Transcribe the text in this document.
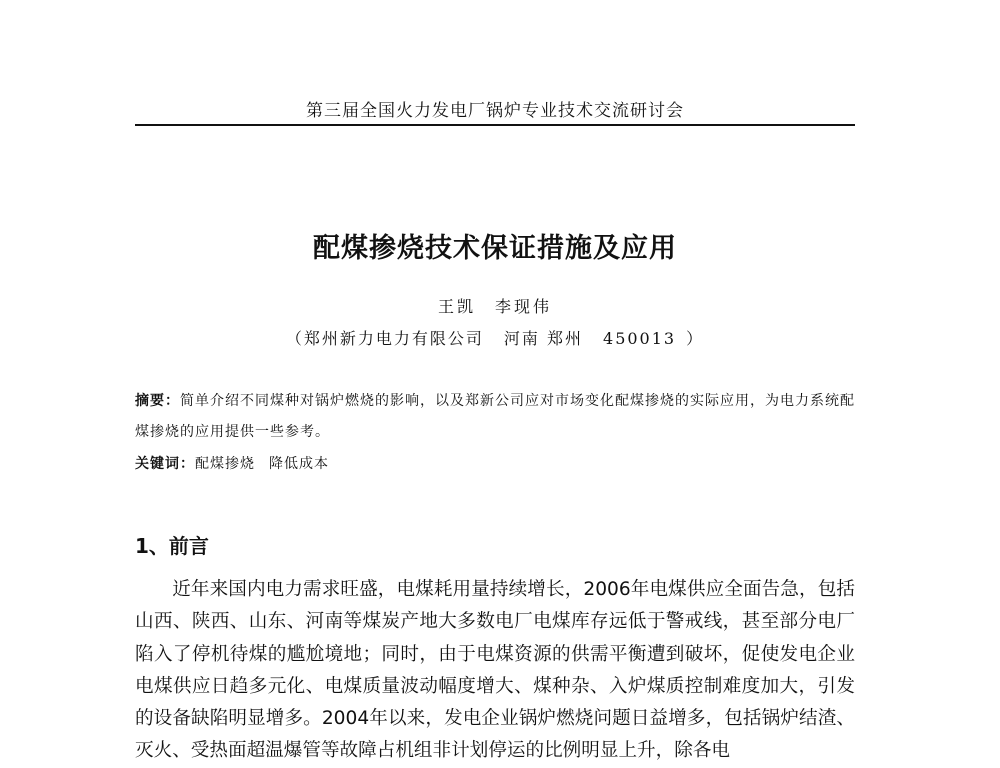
第三届全国火力发电厂锅炉专业技术交流研讨会
配煤掺烧技术保证措施及应用
王凯　李现伟
（郑州新力电力有限公司 河南 郑州 450013 ）
摘要：简单介绍不同煤种对锅炉燃烧的影响，以及郑新公司应对市场变化配煤掺烧的实际应用，为电力系统配煤掺烧的应用提供一些参考。
关键词：配煤掺烧 降低成本
1、前言
近年来国内电力需求旺盛，电煤耗用量持续增长，2006年电煤供应全面告急，包括山西、陕西、山东、河南等煤炭产地大多数电厂电煤库存远低于警戒线，甚至部分电厂陷入了停机待煤的尴尬境地；同时，由于电煤资源的供需平衡遭到破坏，促使发电企业电煤供应日趋多元化、电煤质量波动幅度增大、煤种杂、入炉煤质控制难度加大，引发的设备缺陷明显增多。2004年以来，发电企业锅炉燃烧问题日益增多，包括锅炉结渣、灭火、受热面超温爆管等故障占机组非计划停运的比例明显上升，除各电
